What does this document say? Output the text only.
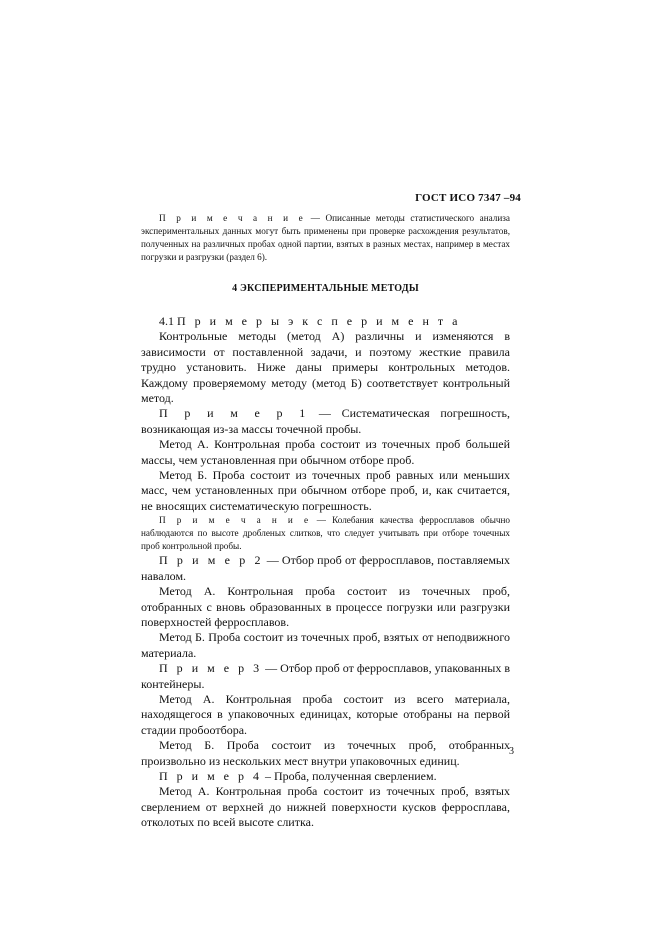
ГОСТ ИСО 7347 –94

П р и м е ч а н и е — Описанные методы статистического анализа экспериментальных данных могут быть применены при проверке расхождения результатов, полученных на различных пробах одной партии, взятых в разных местах, например в местах погрузки и разгрузки (раздел 6).

4 ЭКСПЕРИМЕНТАЛЬНЫЕ МЕТОДЫ

4.1 П р и м е р ы э к с п е р и м е н т а

Контрольные методы (метод А) различны и изменяются в зависимости от поставленной задачи, и поэтому жесткие правила трудно установить. Ниже даны примеры контрольных методов. Каждому проверяемому методу (метод Б) соответствует контрольный метод.

П р и м е р 1 — Систематическая погрешность, возникающая из-за массы точечной пробы.

Метод А. Контрольная проба состоит из точечных проб большей массы, чем установленная при обычном отборе проб.

Метод Б. Проба состоит из точечных проб равных или меньших масс, чем установленных при обычном отборе проб, и, как считается, не вносящих систематическую погрешность.

П р и м е ч а н и е — Колебания качества ферросплавов обычно наблюдаются по высоте дробленых слитков, что следует учитывать при отборе точечных проб контрольной пробы.

П р и м е р 2 — Отбор проб от ферросплавов, поставляемых навалом.

Метод А. Контрольная проба состоит из точечных проб, отобранных с вновь образованных в процессе погрузки или разгрузки поверхностей ферросплавов.

Метод Б. Проба состоит из точечных проб, взятых от неподвижного материала.

П р и м е р 3 — Отбор проб от ферросплавов, упакованных в контейнеры.

Метод А. Контрольная проба состоит из всего материала, находящегося в упаковочных единицах, которые отобраны на первой стадии пробоотбора.

Метод Б. Проба состоит из точечных проб, отобранных произвольно из нескольких мест внутри упаковочных единиц.

П р и м е р 4 – Проба, полученная сверлением.

Метод А. Контрольная проба состоит из точечных проб, взятых сверлением от верхней до нижней поверхности кусков ферросплава, отколотых по всей высоте слитка.

3
